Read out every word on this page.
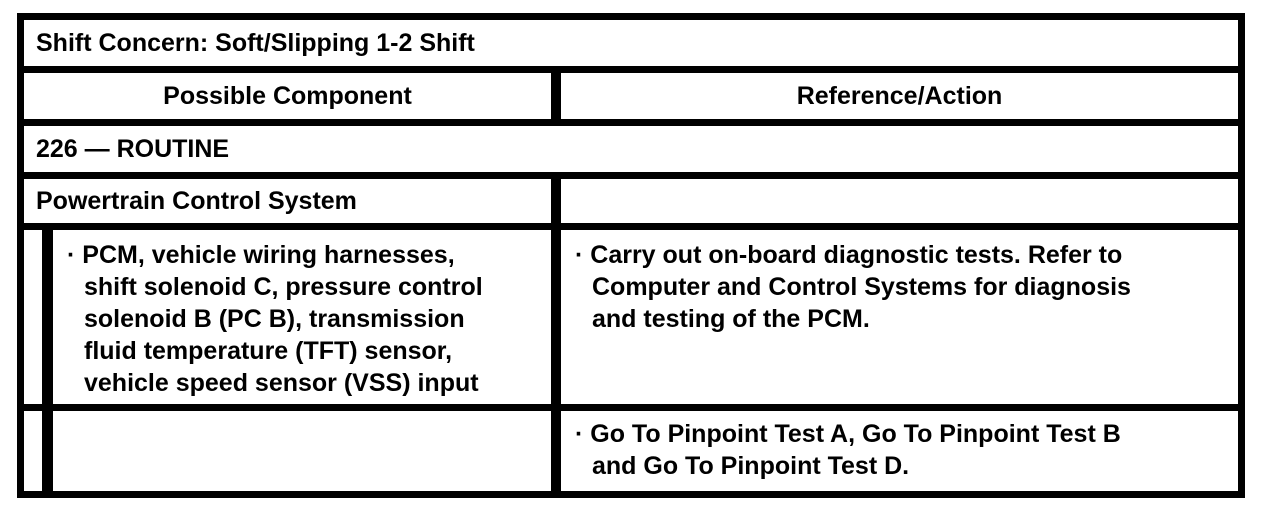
Shift Concern: Soft/Slipping 1-2 Shift
Possible Component	Reference/Action
226 — ROUTINE
Powertrain Control System
· PCM, vehicle wiring harnesses,
shift solenoid C, pressure control
solenoid B (PC B), transmission
fluid temperature (TFT) sensor,
vehicle speed sensor (VSS) input
· Carry out on-board diagnostic tests. Refer to
Computer and Control Systems for diagnosis
and testing of the PCM.
· Go To Pinpoint Test A, Go To Pinpoint Test B
and Go To Pinpoint Test D.
